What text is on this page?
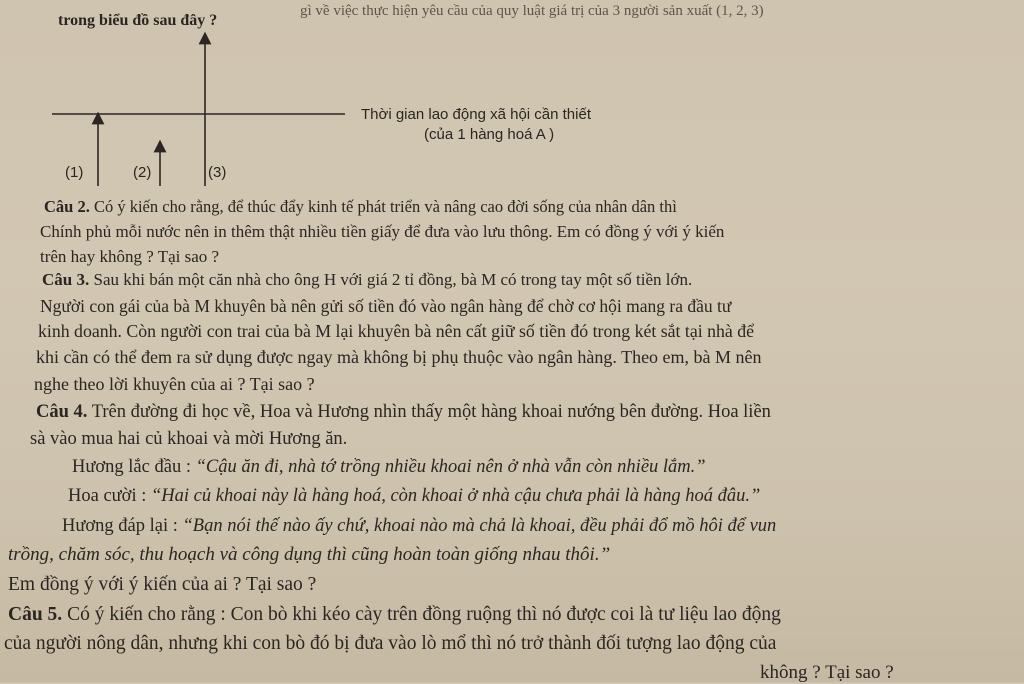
trong biểu đồ sau đây ?
gì về việc thực hiện yêu cầu của quy luật giá trị của 3 người sản xuất (1, 2, 3)
Thời gian lao động xã hội cần thiết
(của 1 hàng hoá A )
(1)	(2)	(3)
Câu 2. Có ý kiến cho rằng, để thúc đẩy kinh tế phát triển và nâng cao đời sống của nhân dân thì
Chính phủ mỗi nước nên in thêm thật nhiều tiền giấy để đưa vào lưu thông. Em có đồng ý với ý kiến
trên hay không ? Tại sao ?
Câu 3. Sau khi bán một căn nhà cho ông H với giá 2 tỉ đồng, bà M có trong tay một số tiền lớn.
Người con gái của bà M khuyên bà nên gửi số tiền đó vào ngân hàng để chờ cơ hội mang ra đầu tư
kinh doanh. Còn người con trai của bà M lại khuyên bà nên cất giữ số tiền đó trong két sắt tại nhà để
khi cần có thể đem ra sử dụng được ngay mà không bị phụ thuộc vào ngân hàng. Theo em, bà M nên
nghe theo lời khuyên của ai ? Tại sao ?
Câu 4. Trên đường đi học về, Hoa và Hương nhìn thấy một hàng khoai nướng bên đường. Hoa liền
sà vào mua hai củ khoai và mời Hương ăn.
Hương lắc đầu : “Cậu ăn đi, nhà tớ trồng nhiều khoai nên ở nhà vẫn còn nhiều lắm.”
Hoa cười : “Hai củ khoai này là hàng hoá, còn khoai ở nhà cậu chưa phải là hàng hoá đâu.”
Hương đáp lại : “Bạn nói thế nào ấy chứ, khoai nào mà chả là khoai, đều phải đổ mồ hôi để vun
trồng, chăm sóc, thu hoạch và công dụng thì cũng hoàn toàn giống nhau thôi.”
Em đồng ý với ý kiến của ai ? Tại sao ?
Câu 5. Có ý kiến cho rằng : Con bò khi kéo cày trên đồng ruộng thì nó được coi là tư liệu lao động
của người nông dân, nhưng khi con bò đó bị đưa vào lò mổ thì nó trở thành đối tượng lao động của
không ? Tại sao ?
